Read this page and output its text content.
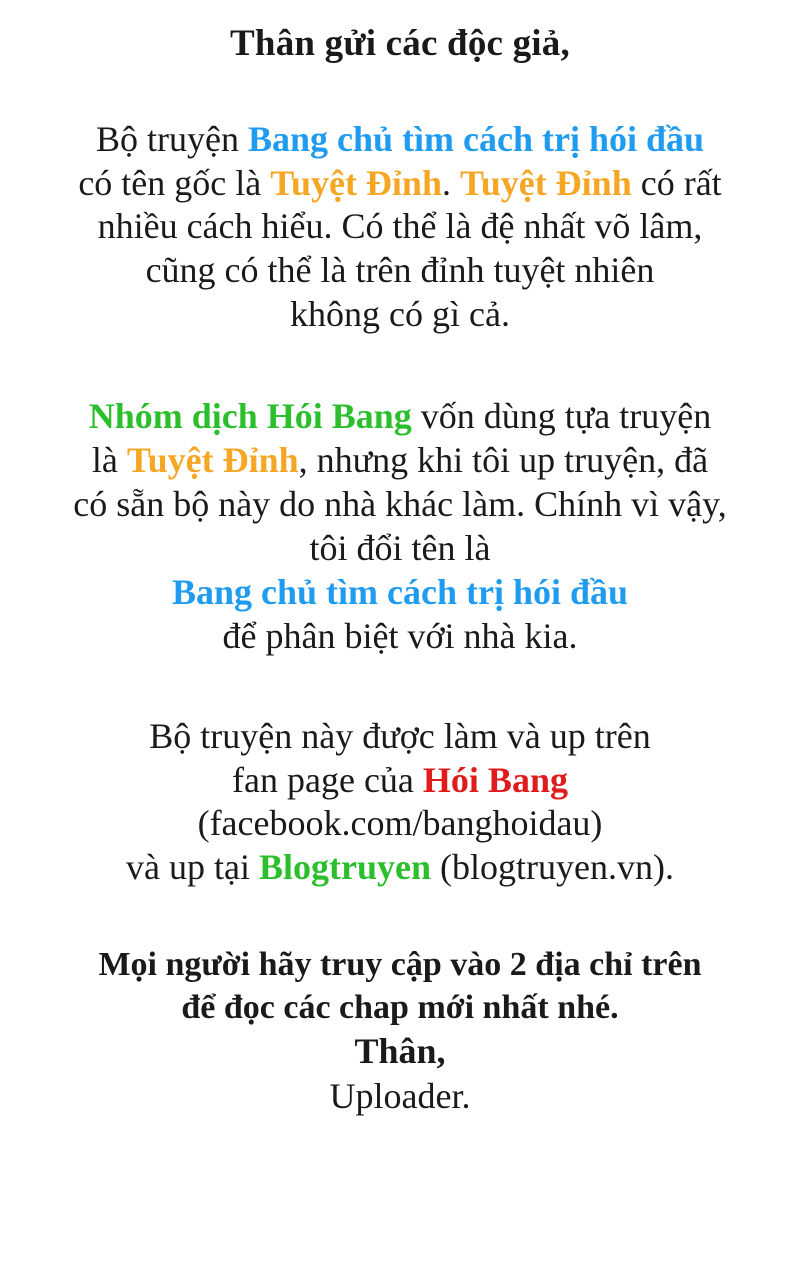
Thân gửi các độc giả,

Bộ truyện Bang chủ tìm cách trị hói đầu
có tên gốc là Tuyệt Đỉnh. Tuyệt Đỉnh có rất
nhiều cách hiểu. Có thể là đệ nhất võ lâm,
cũng có thể là trên đỉnh tuyệt nhiên
không có gì cả.

Nhóm dịch Hói Bang vốn dùng tựa truyện
là Tuyệt Đỉnh, nhưng khi tôi up truyện, đã
có sẵn bộ này do nhà khác làm. Chính vì vậy,
tôi đổi tên là
Bang chủ tìm cách trị hói đầu
để phân biệt với nhà kia.

Bộ truyện này được làm và up trên
fan page của Hói Bang
(facebook.com/banghoidau)
và up tại Blogtruyen (blogtruyen.vn).

Mọi người hãy truy cập vào 2 địa chỉ trên
để đọc các chap mới nhất nhé.
Thân,
Uploader.
